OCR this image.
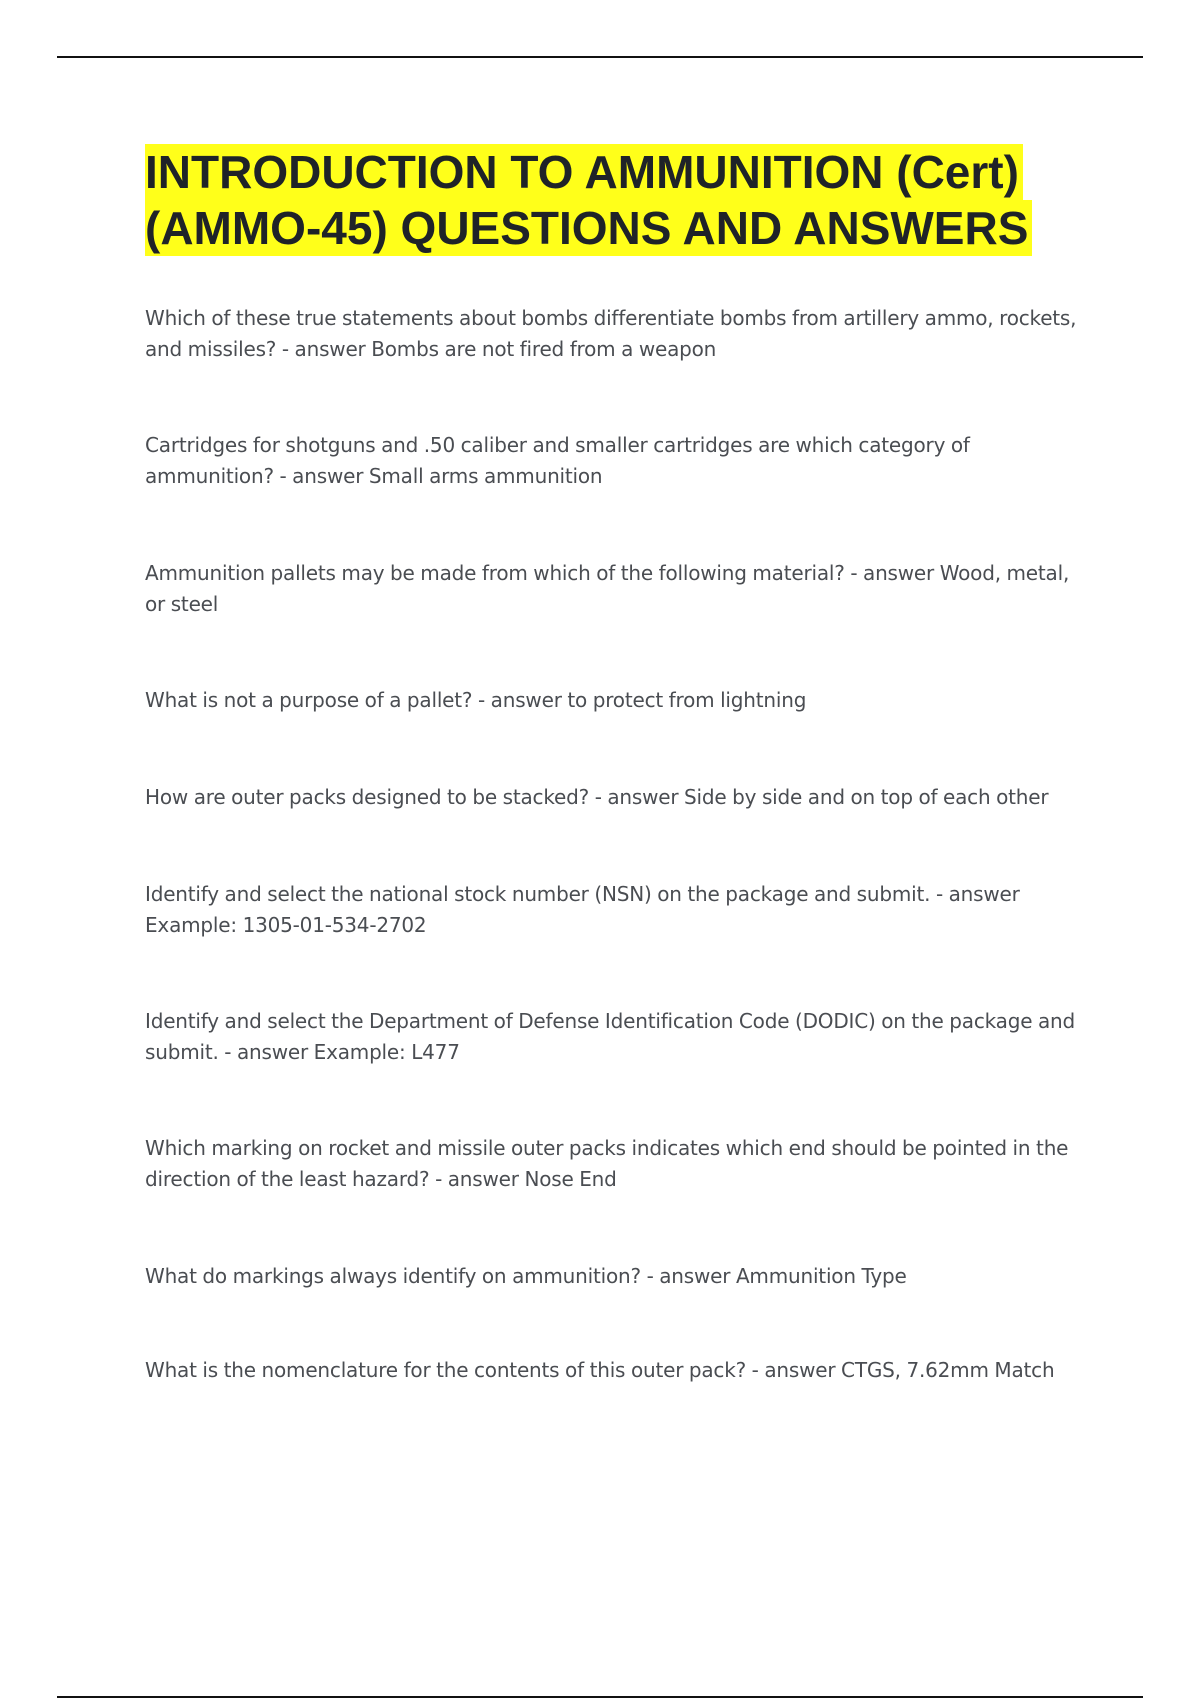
INTRODUCTION TO AMMUNITION (Cert)
(AMMO-45) QUESTIONS AND ANSWERS
Which of these true statements about bombs differentiate bombs from artillery ammo, rockets, and missiles? - answer Bombs are not fired from a weapon
Cartridges for shotguns and .50 caliber and smaller cartridges are which category of ammunition? - answer Small arms ammunition
Ammunition pallets may be made from which of the following material? - answer Wood, metal, or steel
What is not a purpose of a pallet? - answer to protect from lightning
How are outer packs designed to be stacked? - answer Side by side and on top of each other
Identify and select the national stock number (NSN) on the package and submit. - answer Example: 1305-01-534-2702
Identify and select the Department of Defense Identification Code (DODIC) on the package and submit. - answer Example: L477
Which marking on rocket and missile outer packs indicates which end should be pointed in the direction of the least hazard? - answer Nose End
What do markings always identify on ammunition? - answer Ammunition Type
What is the nomenclature for the contents of this outer pack? - answer CTGS, 7.62mm Match
